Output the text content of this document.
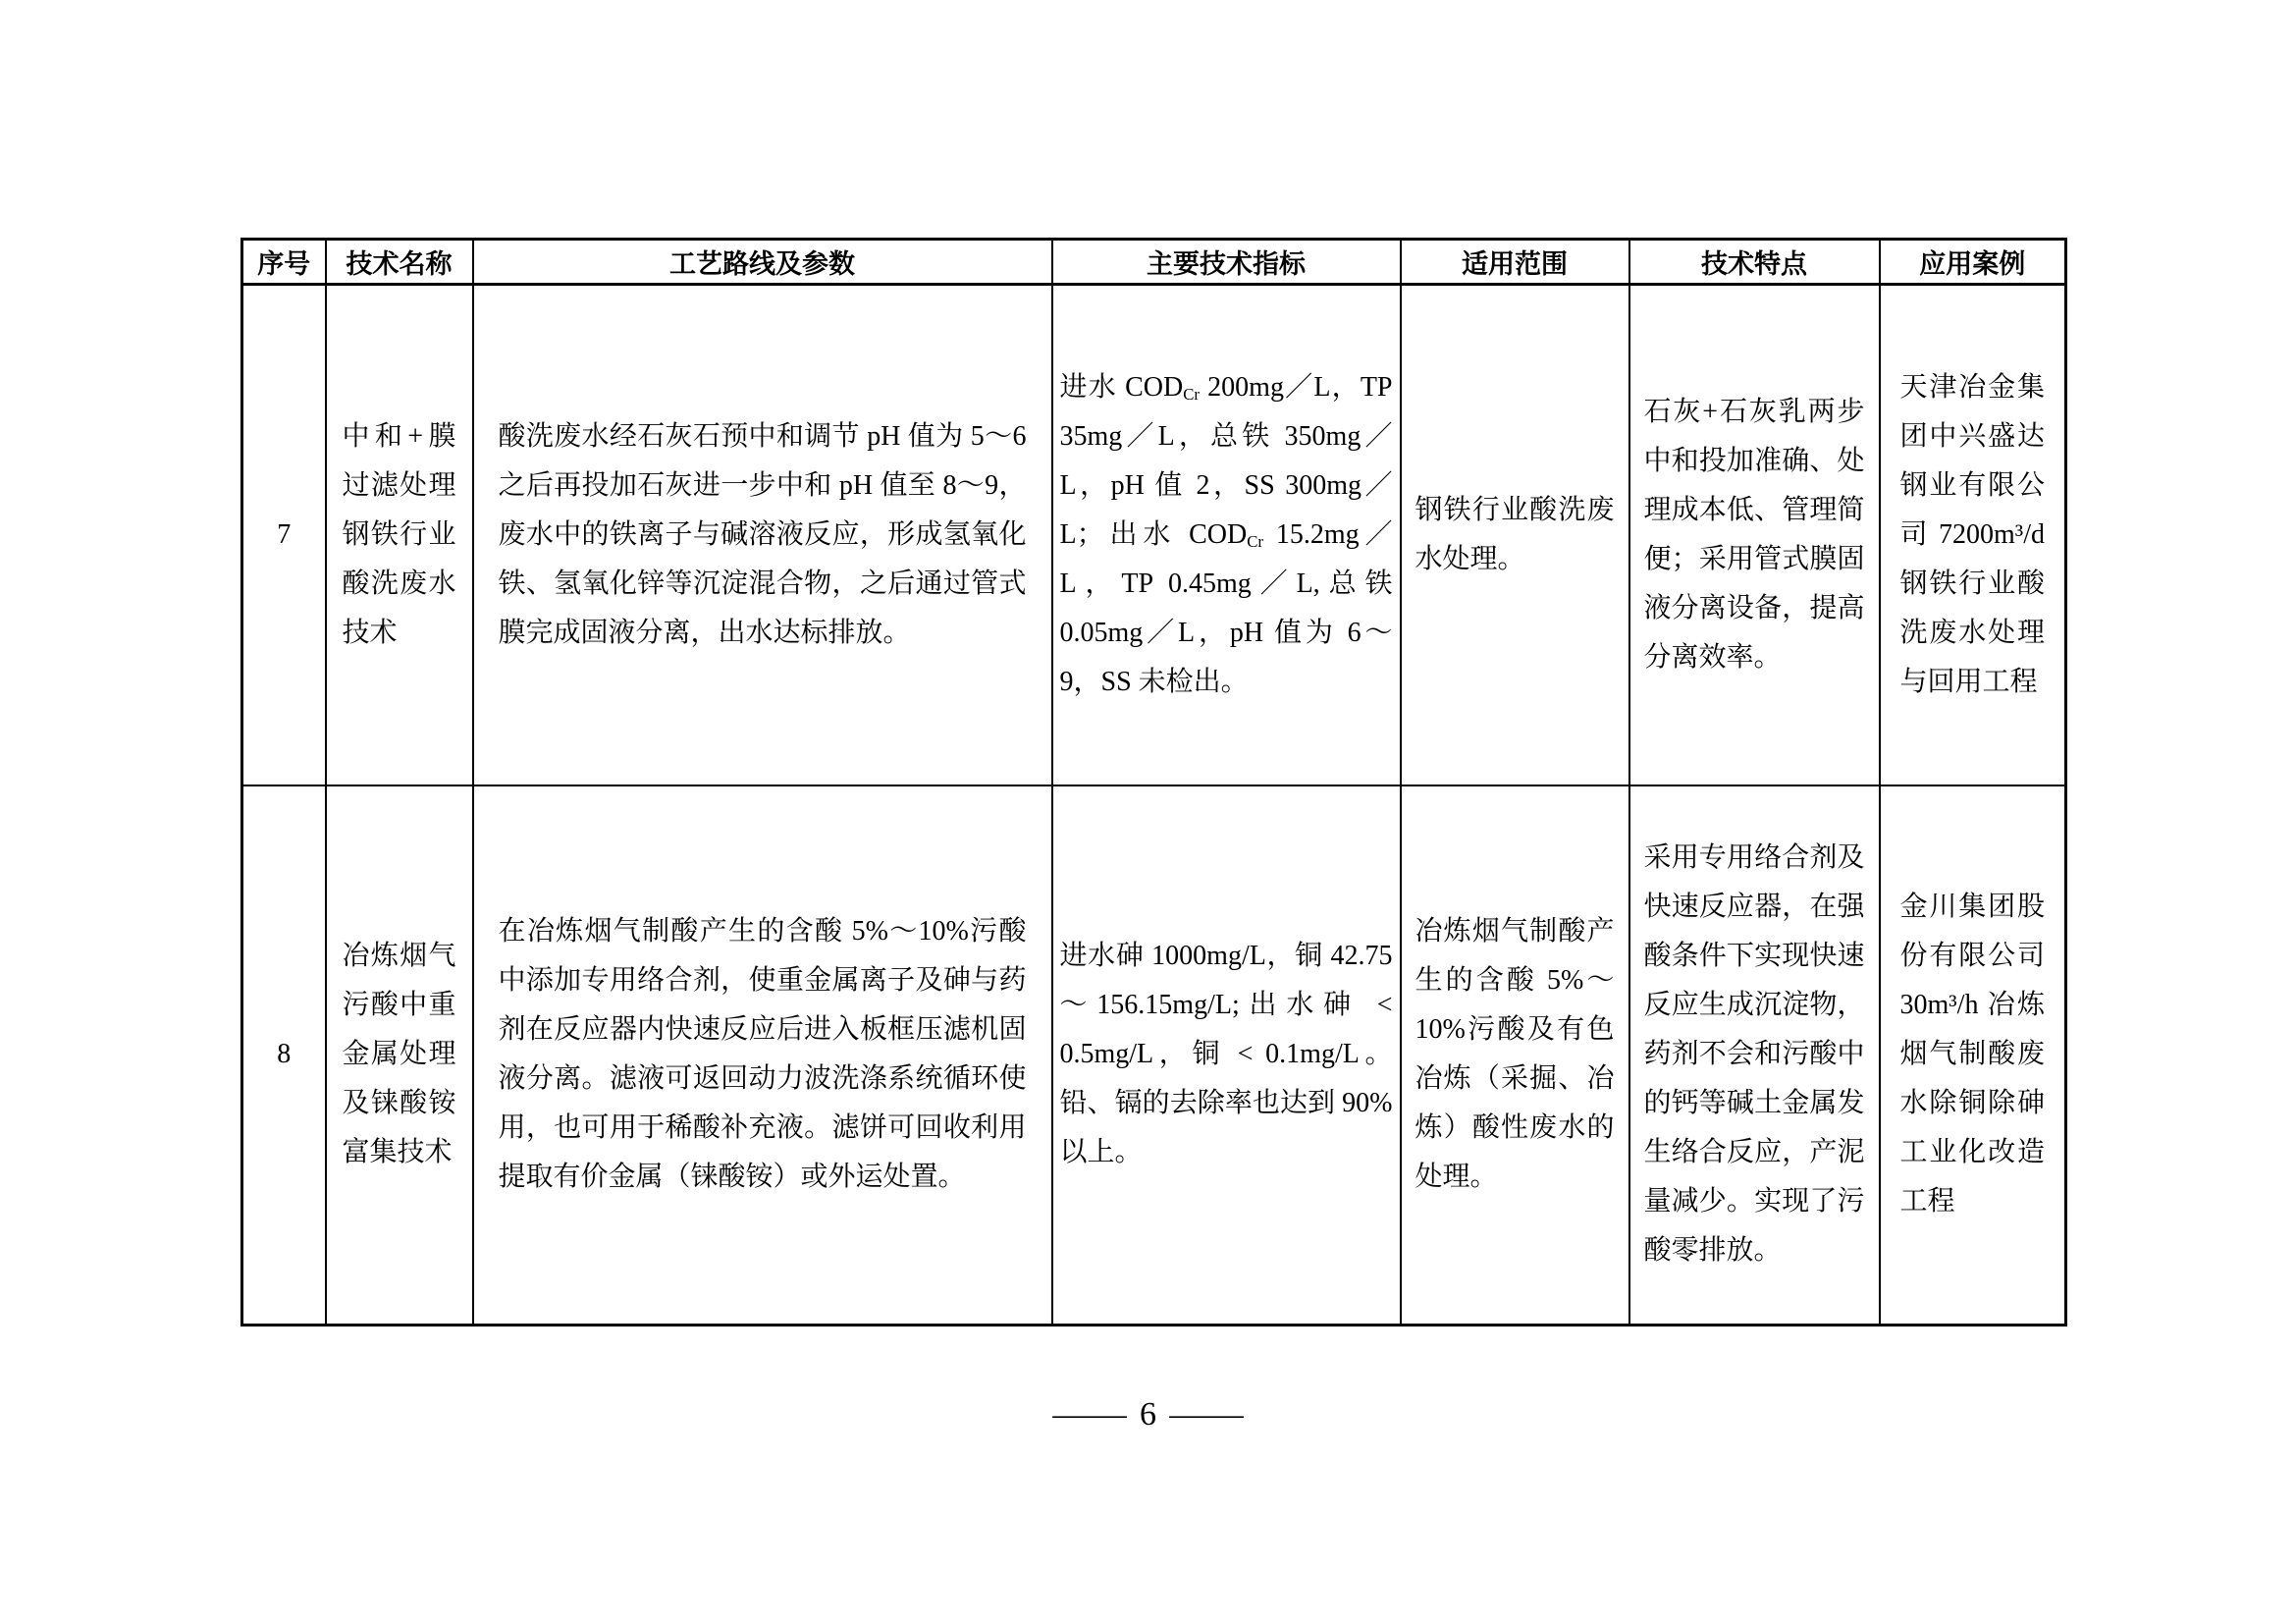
序号	技术名称	工艺路线及参数	主要技术指标	适用范围	技术特点	应用案例
7	中和+膜过滤处理钢铁行业酸洗废水技术	酸洗废水经石灰石预中和调节 pH 值为 5～6 之后再投加石灰进一步中和 pH 值至 8～9，废水中的铁离子与碱溶液反应，形成氢氧化铁、氢氧化锌等沉淀混合物，之后通过管式膜完成固液分离，出水达标排放。	进水 $COD_{Cr}$ 200mg／L，TP 35mg／L，总铁 350mg／L，pH 值 2，SS 300mg／L；出水 $COD_{Cr}$ 15.2mg／L，TP 0.45mg／L,总铁 0.05mg／L，pH 值为 6～9，SS 未检出。	钢铁行业酸洗废水处理。	石灰+石灰乳两步中和投加准确、处理成本低、管理简便；采用管式膜固液分离设备，提高分离效率。	天津冶金集团中兴盛达钢业有限公司 7200m³/d 钢铁行业酸洗废水处理与回用工程
8	冶炼烟气污酸中重金属处理及铼酸铵富集技术	在冶炼烟气制酸产生的含酸 5%～10%污酸中添加专用络合剂，使重金属离子及砷与药剂在反应器内快速反应后进入板框压滤机固液分离。滤液可返回动力波洗涤系统循环使用，也可用于稀酸补充液。滤饼可回收利用提取有价金属（铼酸铵）或外运处置。	进水砷 1000mg/L，铜 42.75～156.15mg/L;出水砷 < 0.5mg/L，铜 < 0.1mg/L。铅、镉的去除率也达到 90%以上。	冶炼烟气制酸产生的含酸 5%～10%污酸及有色冶炼（采掘、冶炼）酸性废水的处理。	采用专用络合剂及快速反应器，在强酸条件下实现快速反应生成沉淀物，药剂不会和污酸中的钙等碱土金属发生络合反应，产泥量减少。实现了污酸零排放。	金川集团股份有限公司 30m³/h 冶炼烟气制酸废水除铜除砷工业化改造工程
— 6 —
